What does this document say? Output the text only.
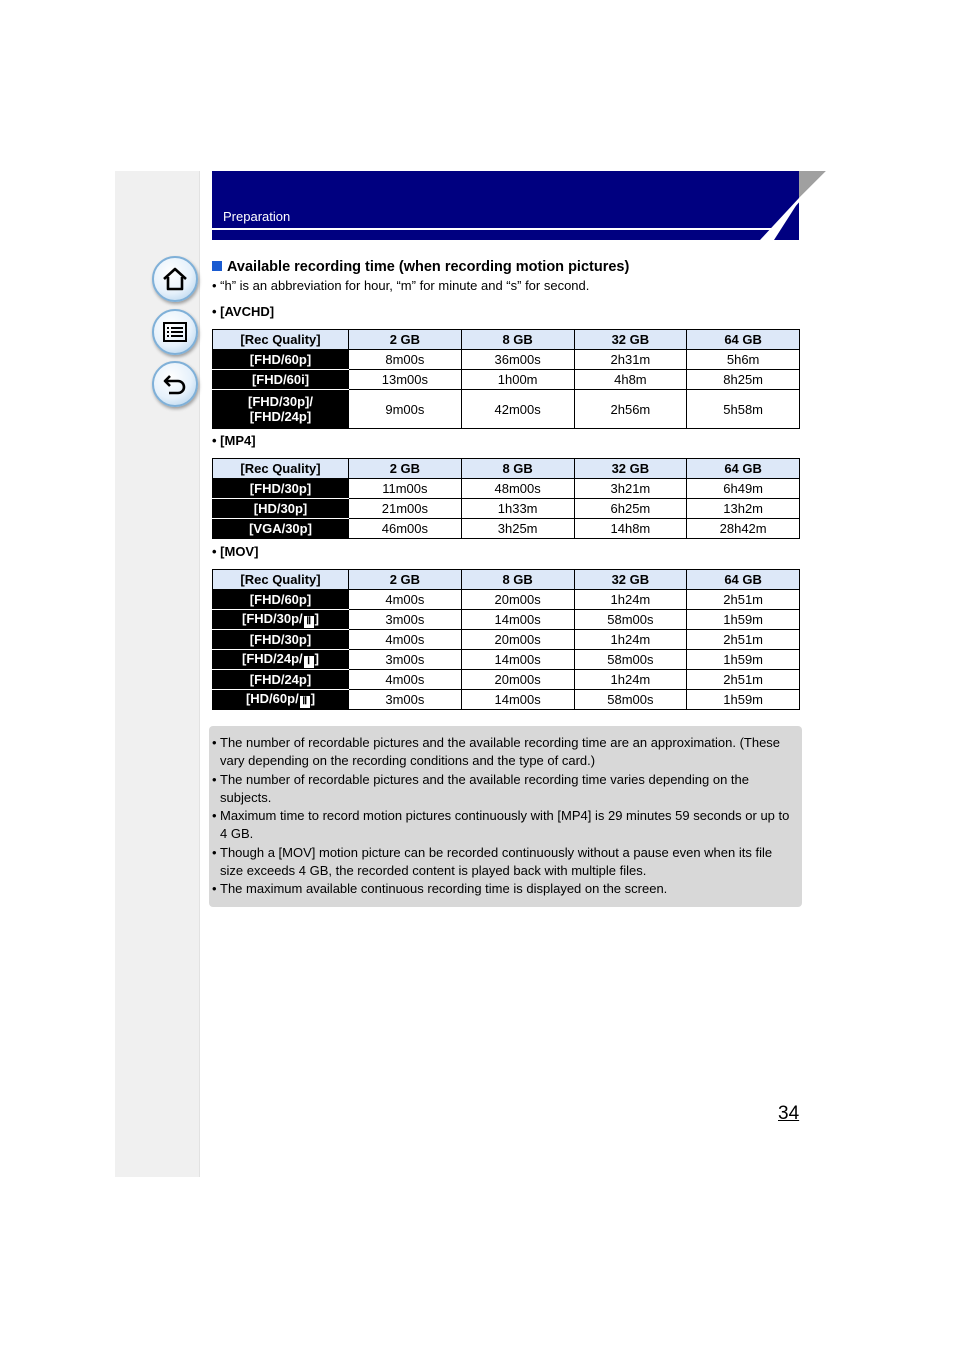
Preparation
Available recording time (when recording motion pictures)
• “h” is an abbreviation for hour, “m” for minute and “s” for second.
• [AVCHD]
[Rec Quality]	2 GB	8 GB	32 GB	64 GB
[FHD/60p]	8m00s	36m00s	2h31m	5h6m
[FHD/60i]	13m00s	1h00m	4h8m	8h25m
[FHD/30p]/
[FHD/24p]	9m00s	42m00s	2h56m	5h58m
• [MP4]
[Rec Quality]	2 GB	8 GB	32 GB	64 GB
[FHD/30p]	11m00s	48m00s	3h21m	6h49m
[HD/30p]	21m00s	1h33m	6h25m	13h2m
[VGA/30p]	46m00s	3h25m	14h8m	28h42m
• [MOV]
[Rec Quality]	2 GB	8 GB	32 GB	64 GB
[FHD/60p]	4m00s	20m00s	1h24m	2h51m
[FHD/30p/ Ⅱ ]	3m00s	14m00s	58m00s	1h59m
[FHD/30p]	4m00s	20m00s	1h24m	2h51m
[FHD/24p/ Ⅰ ]	3m00s	14m00s	58m00s	1h59m
[FHD/24p]	4m00s	20m00s	1h24m	2h51m
[HD/60p/ Ⅱ ]	3m00s	14m00s	58m00s	1h59m
• The number of recordable pictures and the available recording time are an approximation. (These vary depending on the recording conditions and the type of card.)
• The number of recordable pictures and the available recording time varies depending on the subjects.
• Maximum time to record motion pictures continuously with [MP4] is 29 minutes 59 seconds or up to 4 GB.
• Though a [MOV] motion picture can be recorded continuously without a pause even when its file size exceeds 4 GB, the recorded content is played back with multiple files.
• The maximum available continuous recording time is displayed on the screen.
34
